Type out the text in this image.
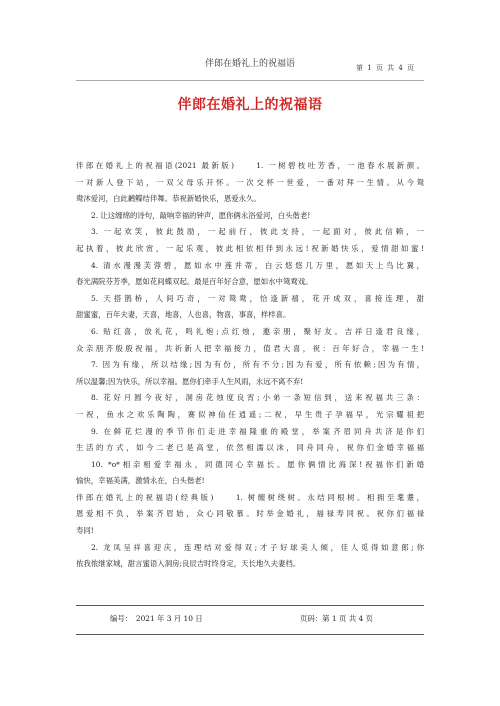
伴郎在婚礼上的祝福语	第 1 页 共 4 页
伴郎在婚礼上的祝福语
伴郎在婚礼上的祝福语(2021 最新版)　　1. 一树碧枝吐芳香，一池春水展新颜。
一对新人登下站，一双父母乐开怀。一次交杯一世爱，一番对拜一生情。从今鸳
鸯沐爱河，白此鹣鲽结伴舞。恭祝新婚快乐，恩爱永久。
2. 让这缠绵的诗句，敲响幸福的钟声，愿你俩永浴爱河，白头偕老!
3. 一起欢笑，彼此鼓励，一起前行，彼此支持，一起面对，彼此信赖，一
起执着，彼此欣赏，一起乐观，彼此相依相伴到永远!祝新婚快乐，爱情甜如蜜!
4. 清水漫漫芙蓉碧，愿如水中莲并蒂，白云悠悠几万里，愿如天上鸟比翼，
春光满院芬芳季，愿如花间蝶双起。最是百年好合意，愿如水中鸳鸯戏。
5. 天搭鹊桥，人间巧奇，一对鸳鸯，恰逢新禧，花开成双，喜接连理，甜
甜蜜蜜，百年夫妻，天喜，地喜，人也喜，物喜，事喜，样样喜。
6. 贴红喜，放礼花，鸣礼炮;点红烛，邀亲朋，聚好友。吉祥日逢君良缘，
众亲朋齐殷殷祝福，共祈新人把幸福接力，值君大喜，祝：百年好合，幸福一生!
7. 因为有缘，所以结缘;因为有份，所有不分;因为有爱，所有依赖;因为有情，
所以温馨;因为快乐，所以幸福。愿你们牵手人生风雨，永远不离不弃!
8. 花好月圆今夜好，洞房花烛度良宵;小弟一条短信到，送来祝福共三条：
一祝，鱼水之欢乐陶陶，赛似神仙任逍遥;二祝，早生贵子孕福早，光宗耀祖把
9. 在鲜花烂漫的季节你们走进幸福隆重的殿堂，举案齐眉同舟共济是你们
生活的方式，如今二老已是高堂，依然相濡以沫，同舟同舟，祝你们金婚幸福福
10. *o*相亲相爱幸福永，同德同心幸福长。愿你俩情比海深!祝福你们新婚
愉快，幸福美满，激情永在，白头偕老!
伴郎在婚礼上的祝福语(经典版)　　1. 树缠树绕树。永结同根树。相拥至耄耋，
恩爱相不负，举案齐眉始，众心同敬慕。时举金婚礼，福禄寿同祝。祝你们福禄
寿同!
2. 龙凤呈祥喜迎庆，连理结对爱得双;才子好球美人倾，佳人觅得如意郎;你
侬我侬继家城，甜言蜜语入洞房;良辰吉时终身定，天长地久夫妻档。
编号：　2021 年 3 月 10 日	页码：第 1 页 共 4 页
